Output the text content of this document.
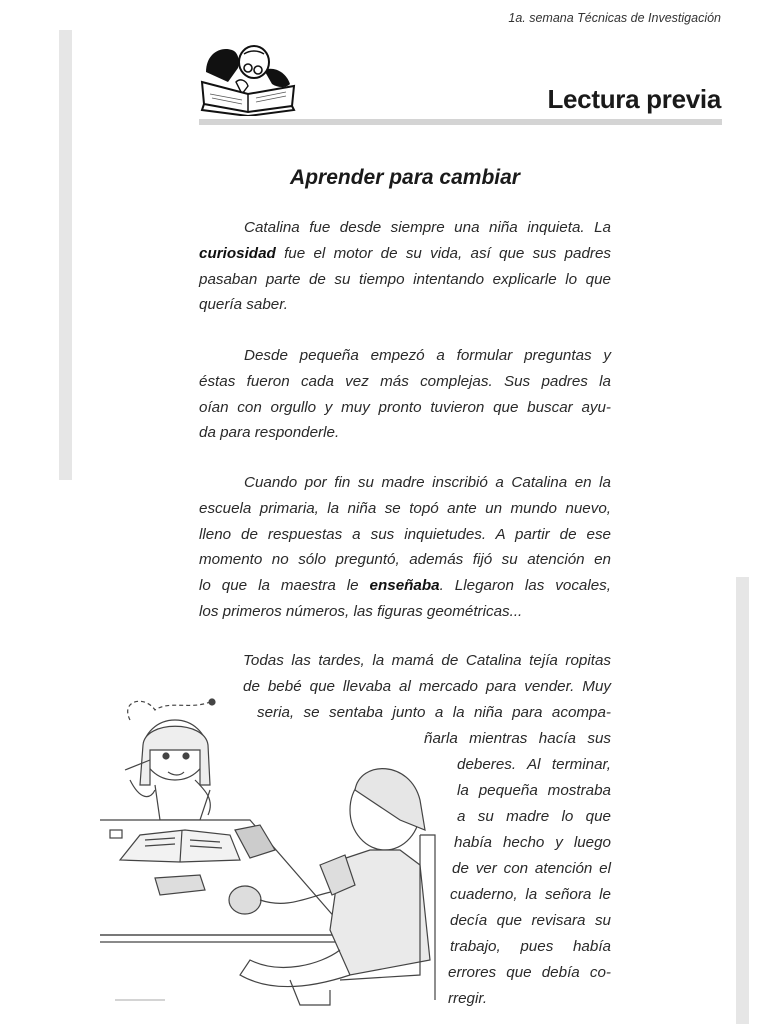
1a. semana Técnicas de Investigación
Lectura previa
Aprender para cambiar
Catalina fue desde siempre una niña inquieta. La
curiosidad fue el motor de su vida, así que sus padres
pasaban parte de su tiempo intentando explicarle lo que
quería saber.
Desde pequeña empezó a formular preguntas y
éstas fueron cada vez más complejas. Sus padres la
oían con orgullo y muy pronto tuvieron que buscar ayu-
da para responderle.
Cuando por fin su madre inscribió a Catalina en la
escuela primaria, la niña se topó ante un mundo nuevo,
lleno de respuestas a sus inquietudes. A partir de ese
momento no sólo preguntó, además fijó su atención en
lo que la maestra le enseñaba. Llegaron las vocales,
los primeros números, las figuras geométricas...
Todas las tardes, la mamá de Catalina tejía ropitas
de bebé que llevaba al mercado para vender. Muy
seria, se sentaba junto a la niña para acompa-
ñarla mientras hacía sus
deberes. Al terminar,
la pequeña mostraba
a su madre lo que
había hecho y luego
de ver con atención el
cuaderno, la señora le
decía que revisara su
trabajo, pues había
errores que debía co-
rregir.
